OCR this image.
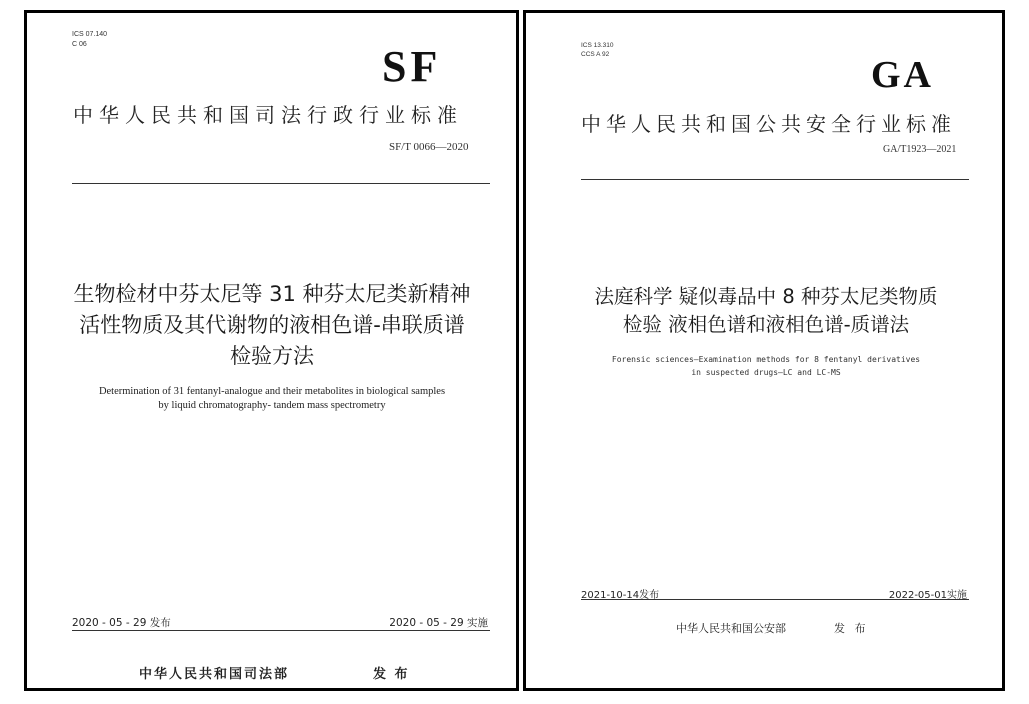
ICS 07.140
C 06	SF
中华人民共和国司法行政行业标准
SF/T 0066—2020
生物检材中芬太尼等 31 种芬太尼类新精神
活性物质及其代谢物的液相色谱-串联质谱
检验方法
Determination of 31 fentanyl-analogue and their metabolites in biological samples
by liquid chromatography- tandem mass spectrometry
2020 - 05 - 29 发布	2020 - 05 - 29 实施
中华人民共和国司法部	发 布
ICS 13.310
CCS A 92	GA
中华人民共和国公共安全行业标准
GA/T1923—2021
法庭科学 疑似毒品中 8 种芬太尼类物质
检验 液相色谱和液相色谱-质谱法
Forensic sciences—Examination methods for 8 fentanyl derivatives
in suspected drugs—LC and LC-MS
2021-10-14发布	2022-05-01实施
中华人民共和国公安部	发 布
